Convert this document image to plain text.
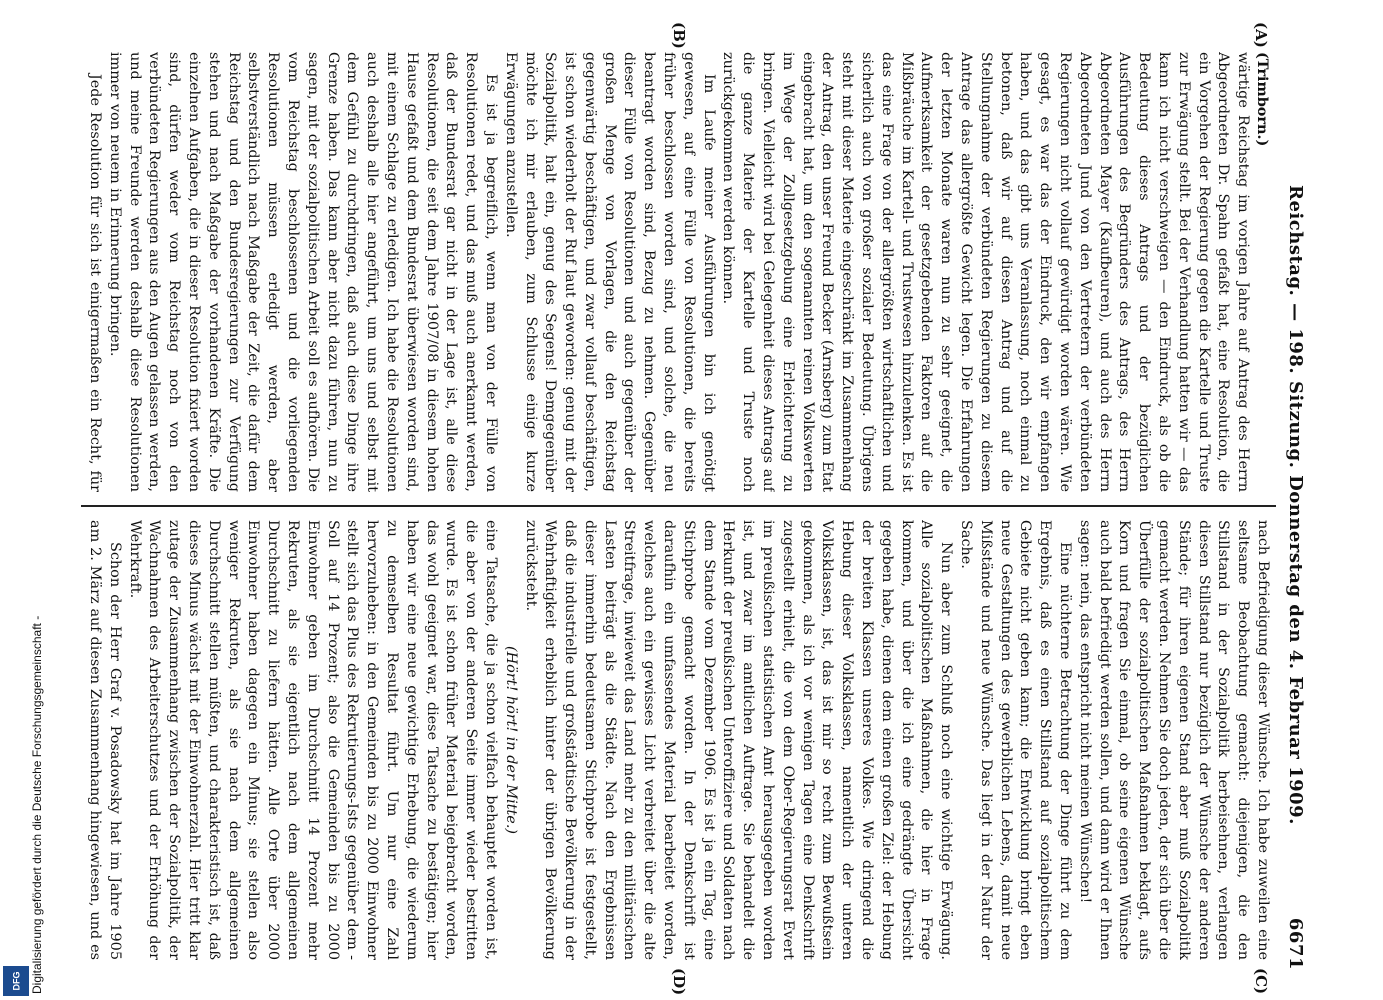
Reichstag. — 198. Sitzung. Donnerstag den 4. Februar 1909.
6671
(A)
(B)
(C)
(D)

(Trimborn.)

wärtige Reichstag im vorigen Jahre auf Antrag des Herrn Abgeordneten Dr. Spahn gefaßt hat, eine Resolution, die ein Vorgehen der Regierung gegen die Kartelle und Truste zur Erwägung stellt. Bei der Verhandlung hatten wir — das kann ich nicht verschweigen — den Eindruck, als ob die Bedeutung dieses Antrags und der bezüglichen Ausführungen des Begründers des Antrags, des Herrn Abgeordneten Mayer (Kaufbeuren), und auch des Herrn Abgeordneten Jund von den Vertretern der verbündeten Regierungen nicht vollauf gewürdigt worden wären. Wie gesagt, es war das der Eindruck, den wir empfangen haben, und das gibt uns Veranlassung, noch einmal zu betonen, daß wir auf diesen Antrag und auf die Stellungnahme der verbündeten Regierungen zu diesem Antrage das allergrößte Gewicht legen. Die Erfahrungen der letzten Monate waren nun zu sehr geeignet, die Aufmerksamkeit der gesetzgebenden Faktoren auf die Mißbräuche im Kartell- und Trustwesen hinzulenken. Es ist das eine Frage von der allergrößten wirtschaftlichen und sicherlich auch von großer sozialer Bedeutung. Übrigens steht mit dieser Materie eingeschränkt im Zusammenhang der Antrag, den unser Freund Becker (Arnsberg) zum Etat eingebracht hat, um den sogenannten reinen Volkswerten im Wege der Zollgesetzgebung eine Erleichterung zu bringen. Vielleicht wird bei Gelegenheit dieses Antrags auf die ganze Materie der Kartelle und Truste noch zurückgekommen werden können.

Im Laufe meiner Ausführungen bin ich genötigt gewesen, auf eine Fülle von Resolutionen, die bereits früher beschlossen worden sind, und solche, die neu beantragt worden sind, Bezug zu nehmen. Gegenüber dieser Fülle von Resolutionen und auch gegenüber der großen Menge von Vorlagen, die den Reichstag gegenwärtig beschäftigen, und zwar vollauf beschäftigen, ist schon wiederholt der Ruf laut geworden: genug mit der Sozialpolitik, halt ein, genug des Segens! Demgegenüber möchte ich mir erlauben, zum Schlusse einige kurze Erwägungen anzustellen.

Es ist ja begreiflich, wenn man von der Fülle von Resolutionen redet, und das muß auch anerkannt werden, daß der Bundesrat gar nicht in der Lage ist, alle diese Resolutionen, die seit dem Jahre 1907/08 in diesem hohen Hause gefaßt und dem Bundesrat überwiesen worden sind, mit einem Schlage zu erledigen. Ich habe die Resolutionen auch deshalb alle hier angeführt, um uns und selbst mit dem Gefühl zu durchdringen, daß auch diese Dinge ihre Grenze haben. Das kann aber nicht dazu führen, nun zu sagen, mit der sozialpolitischen Arbeit soll es aufhören. Die vom Reichstag beschlossenen und die vorliegenden Resolutionen müssen erledigt werden, aber selbstverständlich nach Maßgabe der Zeit, die dafür dem Reichstag und den Bundesregierungen zur Verfügung stehen und nach Maßgabe der vorhandenen Kräfte. Die einzelnen Aufgaben, die in dieser Resolution fixiert worden sind, dürfen weder vom Reichstag noch von den verbündeten Regierungen aus den Augen gelassen werden, und meine Freunde werden deshalb diese Resolutionen immer von neuem in Erinnerung bringen.

Jede Resolution für sich ist einigermaßen ein Recht, für

nach Befriedigung dieser Wünsche. Ich habe zuweilen eine seltsame Beobachtung gemacht: diejenigen, die den Stillstand in der Sozialpolitik herbeisehnen, verlangen diesen Stillstand nur bezüglich der Wünsche der anderen Stände; für ihren eigenen Stand aber muß Sozialpolitik gemacht werden. Nehmen Sie doch jeden, der sich über die Überfülle der sozialpolitischen Maßnahmen beklagt, aufs Korn und fragen Sie einmal, ob seine eigenen Wünsche auch bald befriedigt werden sollen, und dann wird er Ihnen sagen: nein, das entspricht nicht meinen Wünschen!

Eine nüchterne Betrachtung der Dinge führt zu dem Ergebnis, daß es einen Stillstand auf sozialpolitischem Gebiete nicht geben kann; die Entwicklung bringt eben neue Gestaltungen des gewerblichen Lebens, damit neue Mißstände und neue Wünsche. Das liegt in der Natur der Sache.

Nun aber zum Schluß noch eine wichtige Erwägung. Alle sozialpolitischen Maßnahmen, die hier in Frage kommen, und über die ich eine gedrängte Übersicht gegeben habe, dienen dem einen großen Ziel: der Hebung der breiten Klassen unseres Volkes. Wie dringend die Hebung dieser Volksklassen, namentlich der unteren Volksklassen, ist, das ist mir so recht zum Bewußtsein gekommen, als ich vor wenigen Tagen eine Denkschrift zugestellt erhielt, die von dem Ober-Regierungsrat Evert im preußischen statistischen Amt herausgegeben worden ist, und zwar im amtlichen Auftrage. Sie behandelt die Herkunft der preußischen Unteroffiziere und Soldaten nach dem Stande vom Dezember 1906. Es ist ja ein Tag, eine Stichprobe gemacht worden. In der Denkschrift ist daraufhin ein umfassendes Material bearbeitet worden, welches auch ein gewisses Licht verbreitet über die alte Streitfrage, inwieweit das Land mehr zu den militärischen Lasten beiträgt als die Städte. Nach den Ergebnissen dieser immerhin bedeutsamen Stichprobe ist festgestellt, daß die industrielle und großstädtische Bevölkerung in der Wehrhaftigkeit erheblich hinter der übrigen Bevölkerung zurücksteht.

(Hört! hört! in der Mitte.)

eine Tatsache, die ja schon vielfach behauptet worden ist, die aber von der anderen Seite immer wieder bestritten wurde. Es ist schon früher Material beigebracht worden, das wohl geeignet war, diese Tatsache zu bestätigen; hier haben wir eine neue gewichtige Erhebung, die wiederum zu demselben Resultat führt. Um nur eine Zahl hervorzuheben: in den Gemeinden bis zu 2000 Einwohner stellt sich das Plus des Rekrutierungs-Ists gegenüber dem -Soll auf 14 Prozent; also die Gemeinden bis zu 2000 Einwohner geben im Durchschnitt 14 Prozent mehr Rekruten, als sie eigentlich nach dem allgemeinen Durchschnitt zu liefern hätten. Alle Orte über 2000 Einwohner haben dagegen ein Minus; sie stellen also weniger Rekruten, als sie nach dem allgemeinen Durchschnitt stellen müßten, und charakteristisch ist, daß dieses Minus wächst mit der Einwohnerzahl. Hier tritt klar zutage der Zusammenhang zwischen der Sozialpolitik, der Wachnahmen des Arbeiterschutzes und der Erhöhung der Wehrkraft.

Schon der Herr Graf v. Posadowsky hat im Jahre 1905 am 2. März auf diesen Zusammenhang hingewiesen, und es

Digitalisierung gefördert durch die Deutsche Forschungsgemeinschaft -
DFG
